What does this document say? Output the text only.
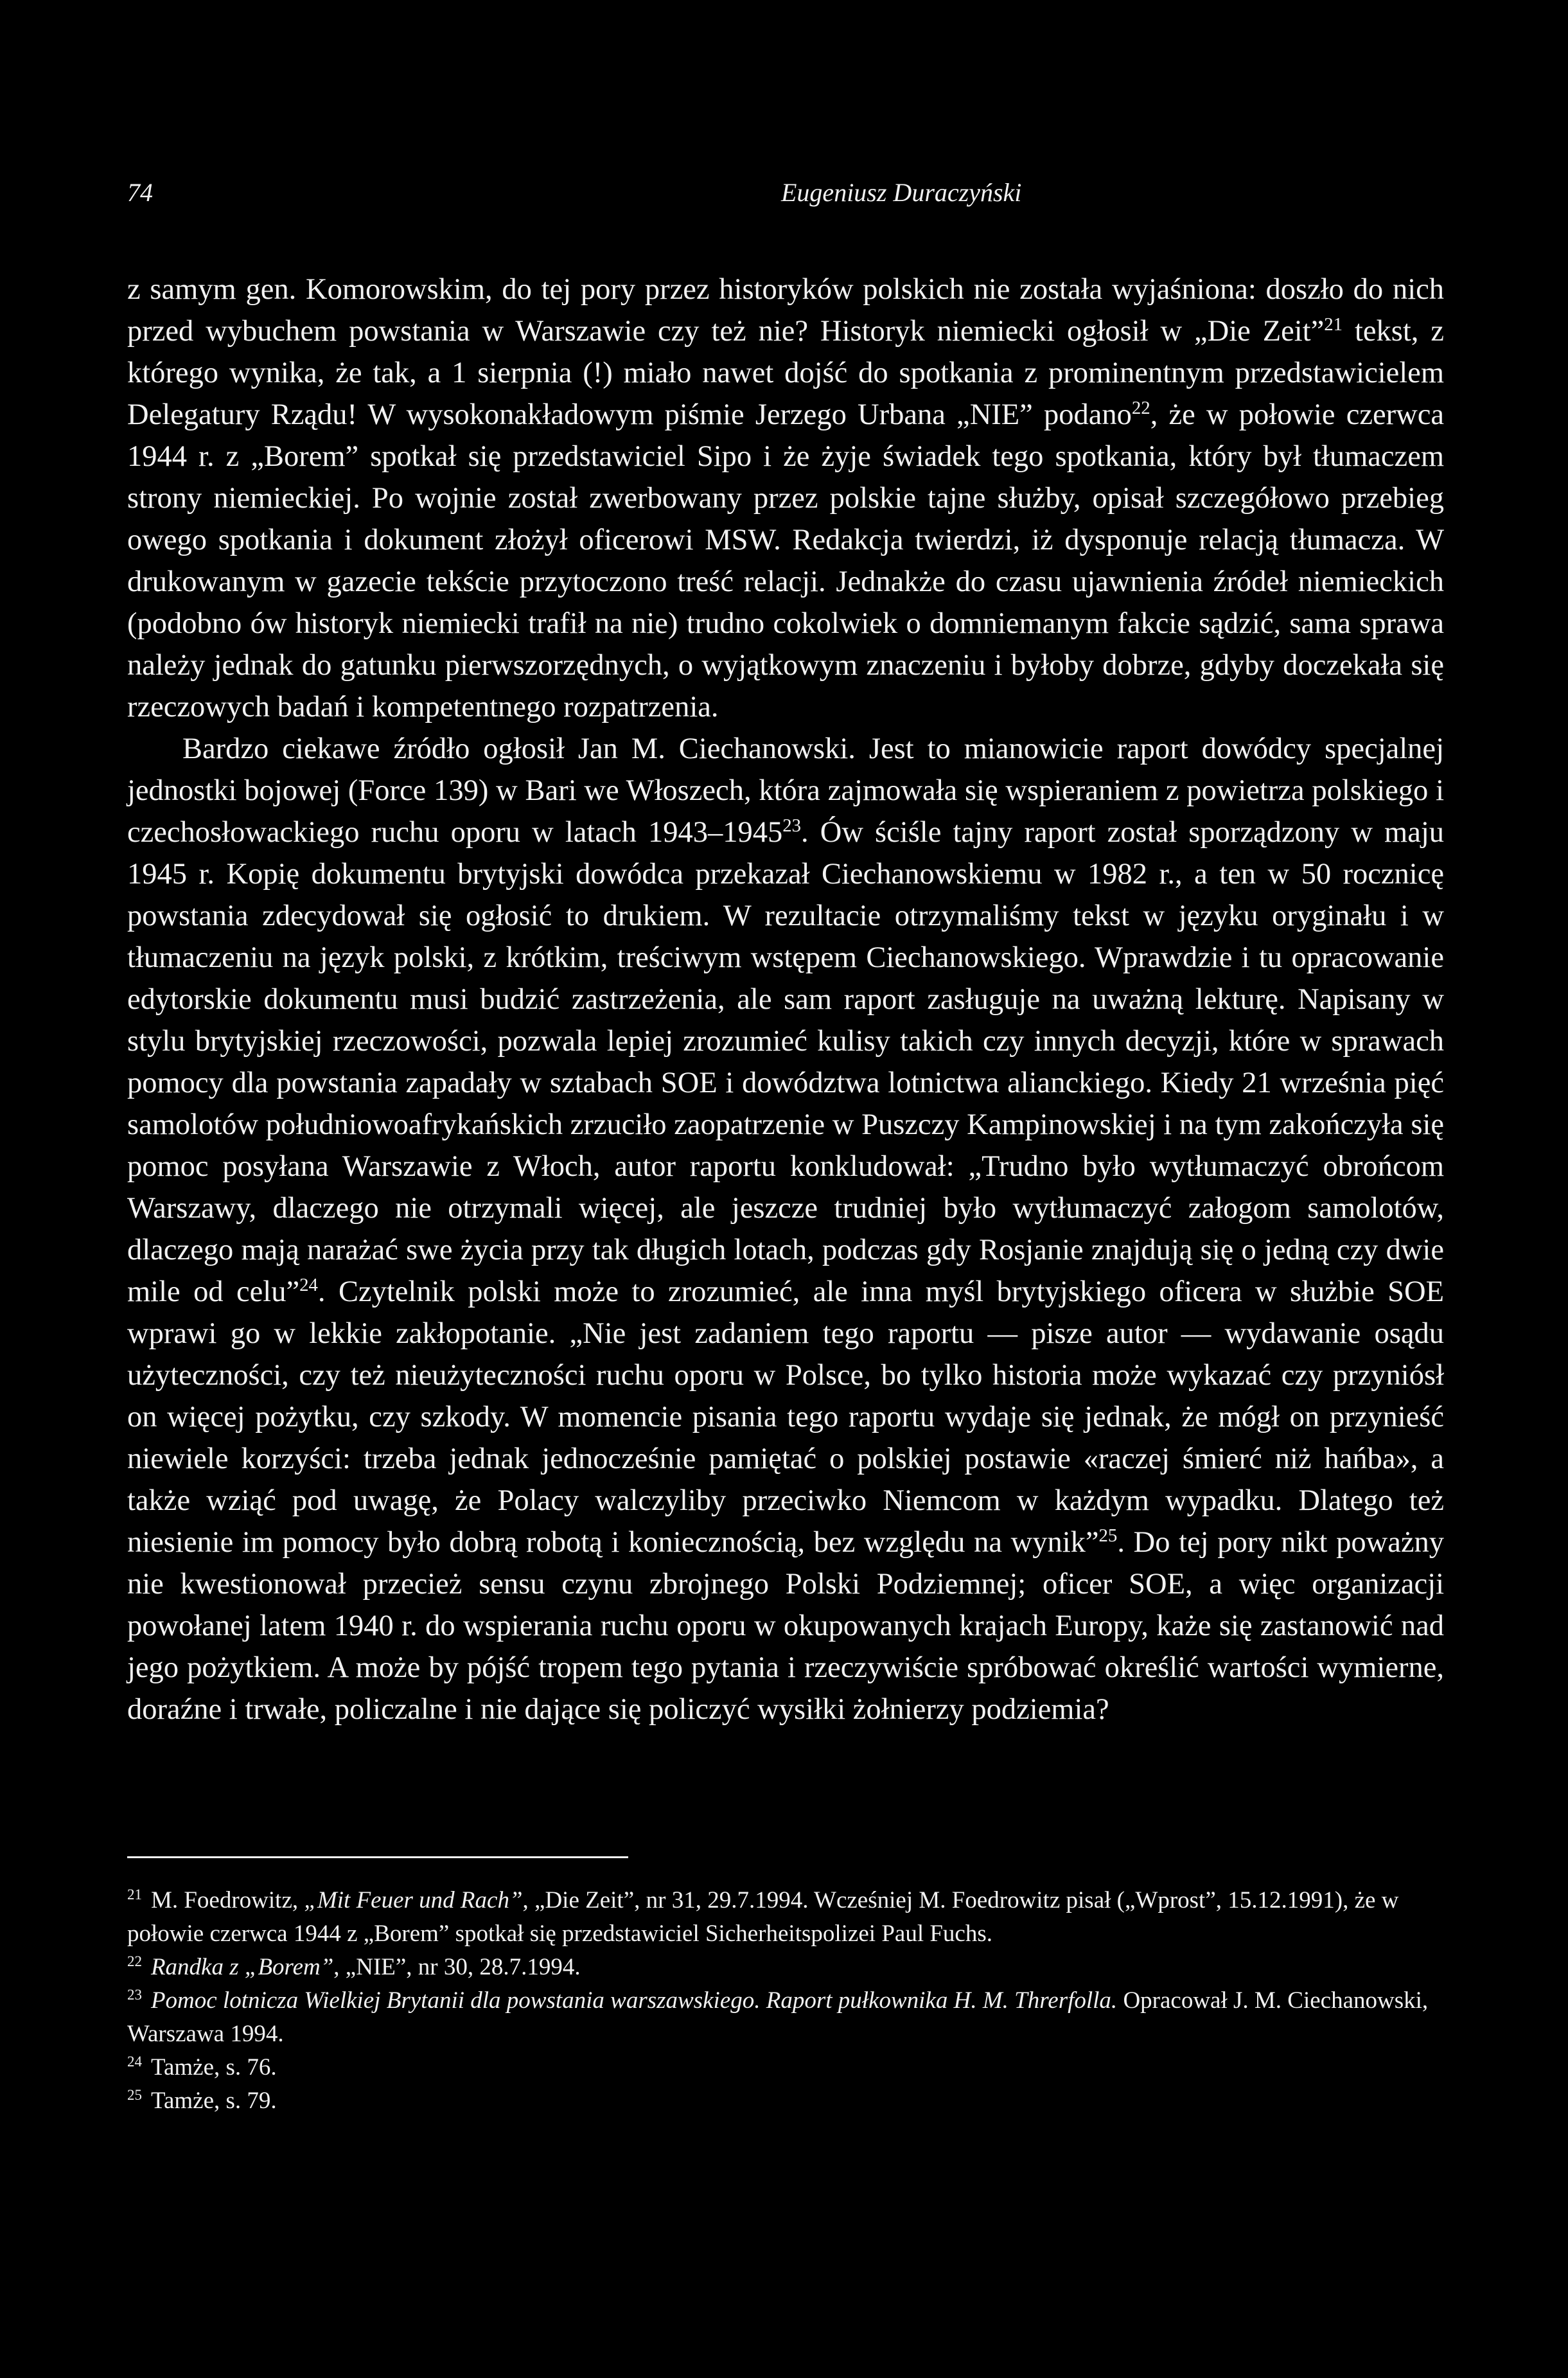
74	Eugeniusz Duraczyński

z samym gen. Komorowskim, do tej pory przez historyków polskich nie została wyjaśniona: doszło do nich przed wybuchem powstania w Warszawie czy też nie? Historyk niemiecki ogłosił w „Die Zeit”$^{21}$ tekst, z którego wynika, że tak, a 1 sierpnia (!) miało nawet dojść do spotkania z prominentnym przedstawicielem Delegatury Rządu! W wysokonakładowym piśmie Jerzego Urbana „NIE” podano$^{22}$, że w połowie czerwca 1944 r. z „Borem” spotkał się przedstawiciel Sipo i że żyje świadek tego spotkania, który był tłumaczem strony niemieckiej. Po wojnie został zwerbowany przez polskie tajne służby, opisał szczegółowo przebieg owego spotkania i dokument złożył oficerowi MSW. Redakcja twierdzi, iż dysponuje relacją tłumacza. W drukowanym w gazecie tekście przytoczono treść relacji. Jednakże do czasu ujawnienia źródeł niemieckich (podobno ów historyk niemiecki trafił na nie) trudno cokolwiek o domniemanym fakcie sądzić, sama sprawa należy jednak do gatunku pierwszorzędnych, o wyjątkowym znaczeniu i byłoby dobrze, gdyby doczekała się rzeczowych badań i kompetentnego rozpatrzenia.

Bardzo ciekawe źródło ogłosił Jan M. Ciechanowski. Jest to mianowicie raport dowódcy specjalnej jednostki bojowej (Force 139) w Bari we Włoszech, która zajmowała się wspieraniem z powietrza polskiego i czechosłowackiego ruchu oporu w latach 1943–1945$^{23}$. Ów ściśle tajny raport został sporządzony w maju 1945 r. Kopię dokumentu brytyjski dowódca przekazał Ciechanowskiemu w 1982 r., a ten w 50 rocznicę powstania zdecydował się ogłosić to drukiem. W rezultacie otrzymaliśmy tekst w języku oryginału i w tłumaczeniu na język polski, z krótkim, treściwym wstępem Ciechanowskiego. Wprawdzie i tu opracowanie edytorskie dokumentu musi budzić zastrzeżenia, ale sam raport zasługuje na uważną lekturę. Napisany w stylu brytyjskiej rzeczowości, pozwala lepiej zrozumieć kulisy takich czy innych decyzji, które w sprawach pomocy dla powstania zapadały w sztabach SOE i dowództwa lotnictwa alianckiego. Kiedy 21 września pięć samolotów południowoafrykańskich zrzuciło zaopatrzenie w Puszczy Kampinowskiej i na tym zakończyła się pomoc posyłana Warszawie z Włoch, autor raportu konkludował: „Trudno było wytłumaczyć obrońcom Warszawy, dlaczego nie otrzymali więcej, ale jeszcze trudniej było wytłumaczyć załogom samolotów, dlaczego mają narażać swe życia przy tak długich lotach, podczas gdy Rosjanie znajdują się o jedną czy dwie mile od celu”$^{24}$. Czytelnik polski może to zrozumieć, ale inna myśl brytyjskiego oficera w służbie SOE wprawi go w lekkie zakłopotanie. „Nie jest zadaniem tego raportu — pisze autor — wydawanie osądu użyteczności, czy też nieużyteczności ruchu oporu w Polsce, bo tylko historia może wykazać czy przyniósł on więcej pożytku, czy szkody. W momencie pisania tego raportu wydaje się jednak, że mógł on przynieść niewiele korzyści: trzeba jednak jednocześnie pamiętać o polskiej postawie «raczej śmierć niż hańba», a także wziąć pod uwagę, że Polacy walczyliby przeciwko Niemcom w każdym wypadku. Dlatego też niesienie im pomocy było dobrą robotą i koniecznością, bez względu na wynik”$^{25}$. Do tej pory nikt poważny nie kwestionował przecież sensu czynu zbrojnego Polski Podziemnej; oficer SOE, a więc organizacji powołanej latem 1940 r. do wspierania ruchu oporu w okupowanych krajach Europy, każe się zastanowić nad jego pożytkiem. A może by pójść tropem tego pytania i rzeczywiście spróbować określić wartości wymierne, doraźne i trwałe, policzalne i nie dające się policzyć wysiłki żołnierzy podziemia?

$^{21}$ M. Foedrowitz, „Mit Feuer und Rach”, „Die Zeit”, nr 31, 29.7.1994. Wcześniej M. Foedrowitz pisał („Wprost”, 15.12.1991), że w połowie czerwca 1944 z „Borem” spotkał się przedstawiciel Sicherheitspolizei Paul Fuchs.

$^{22}$ Randka z „Borem”, „NIE”, nr 30, 28.7.1994.

$^{23}$ Pomoc lotnicza Wielkiej Brytanii dla powstania warszawskiego. Raport pułkownika H. M. Threrfolla. Opracował J. M. Ciechanowski, Warszawa 1994.

$^{24}$ Tamże, s. 76.

$^{25}$ Tamże, s. 79.
